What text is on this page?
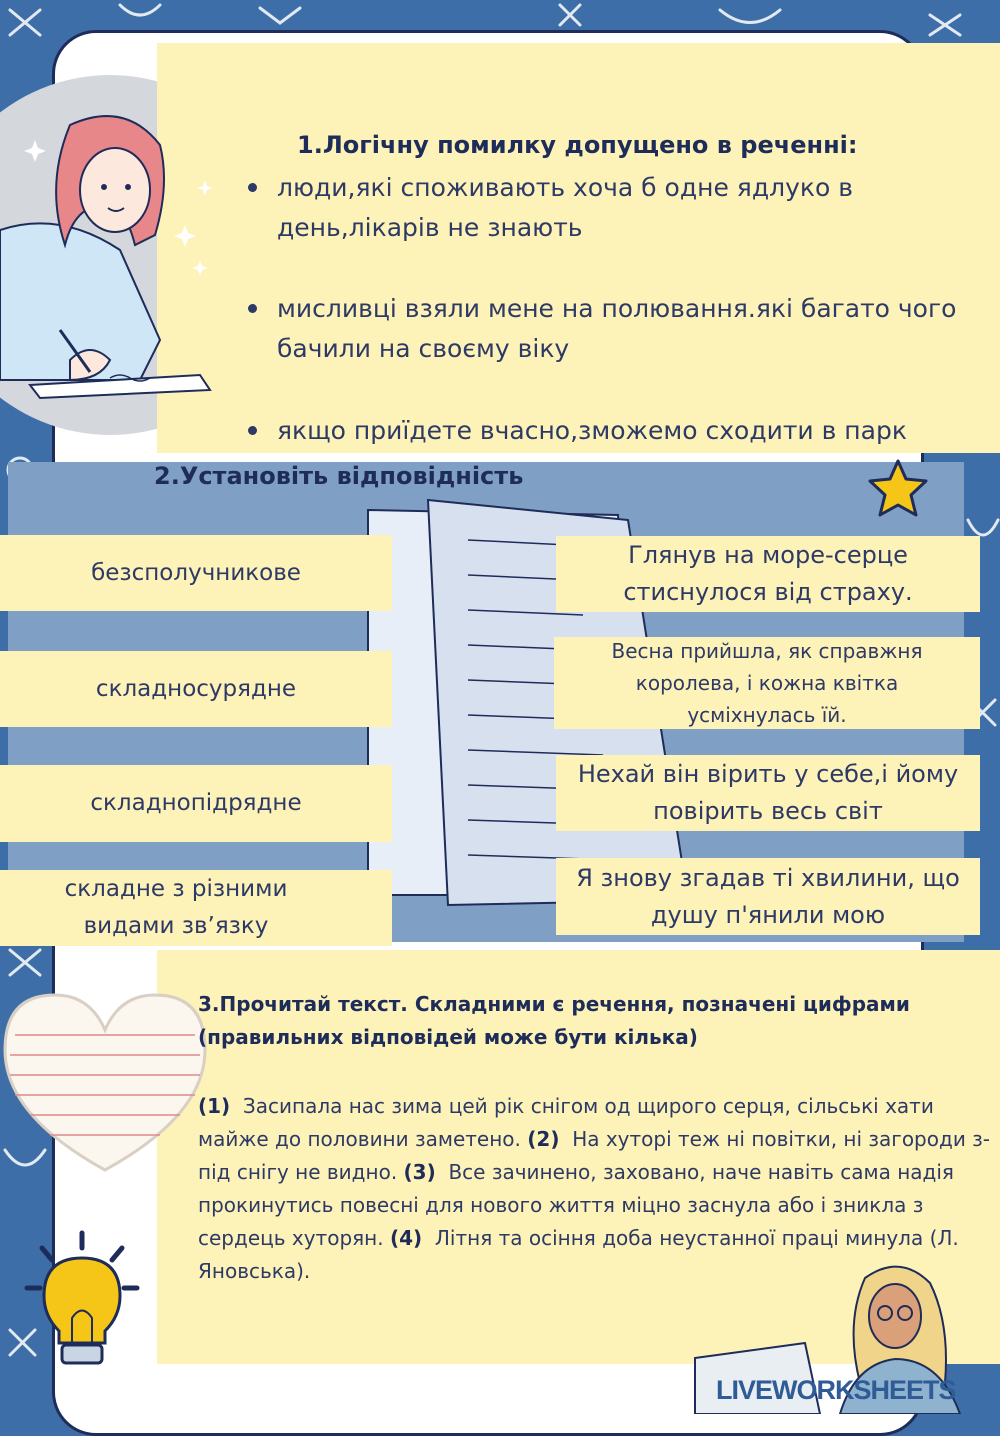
1.Логічну помилку допущено в реченні:
люди,які споживають хоча б одне ядлуко в день,лікарів не знають
мисливці взяли мене на полювання.які багато чого бачили на своєму віку
якщо приїдете вчасно,зможемо сходити в парк
2.Установіть відповідність
безсполучникове
складносурядне
складнопідрядне
складне з різними видами зв’язку
Глянув на море-серце стиснулося від страху.
Весна прийшла, як справжня королева, і кожна квітка усміхнулась їй.
Нехай він вірить у себе,і йому повірить весь світ
Я знову згадав ті хвилини, що душу п'янили мою
3.Прочитай текст. Складними є речення, позначені цифрами (правильних відповідей може бути кілька)
(1) Засипала нас зима цей рік снігом од щирого серця, сільські хати майже до половини заметено. (2) На хуторі теж ні повітки, ні загороди з-під снігу не видно. (3) Все зачинено, заховано, наче навіть сама надія прокинутись повесні для нового життя міцно заснула або і зникла з сердець хуторян. (4) Літня та осіння доба неустанної праці минула (Л. Яновська).
LIVEWORKSHEETS
